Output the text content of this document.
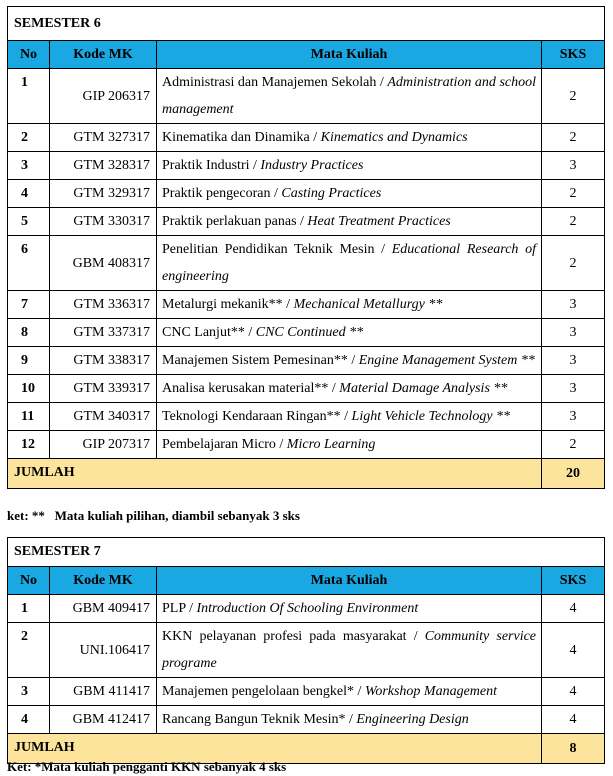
SEMESTER 6			
No	Kode MK	Mata Kuliah	SKS
1	GIP 206317	Administrasi dan Manajemen Sekolah / Administration and school management	2
2	GTM 327317	Kinematika dan Dinamika / Kinematics and Dynamics	2
3	GTM 328317	Praktik Industri / Industry Practices	3
4	GTM 329317	Praktik pengecoran / Casting Practices	2
5	GTM 330317	Praktik perlakuan panas / Heat Treatment Practices	2
6	GBM 408317	Penelitian Pendidikan Teknik Mesin / Educational Research of engineering	2
7	GTM 336317	Metalurgi mekanik** / Mechanical Metallurgy **	3
8	GTM 337317	CNC Lanjut** / CNC Continued **	3
9	GTM 338317	Manajemen Sistem Pemesinan** / Engine Management System **	3
10	GTM 339317	Analisa kerusakan material** / Material Damage Analysis **	3
11	GTM 340317	Teknologi Kendaraan Ringan** / Light Vehicle Technology **	3
12	GIP 207317	Pembelajaran Micro / Micro Learning	2
JUMLAH			20
ket: **   Mata kuliah pilihan, diambil sebanyak 3 sks
SEMESTER 7			
No	Kode MK	Mata Kuliah	SKS
1	GBM 409417	PLP / Introduction Of Schooling Environment	4
2	UNI.106417	KKN pelayanan profesi pada masyarakat / Community service programe	4
3	GBM 411417	Manajemen pengelolaan bengkel* / Workshop Management	4
4	GBM 412417	Rancang Bangun Teknik Mesin* / Engineering Design	4
JUMLAH			8
Ket: *Mata kuliah pengganti KKN sebanyak 4 sks
